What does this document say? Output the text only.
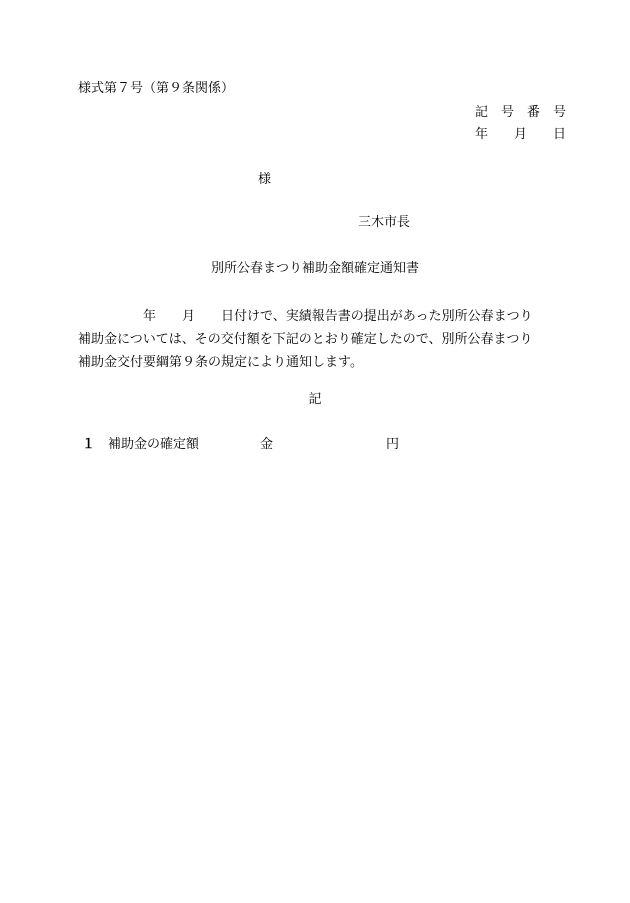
様式第７号（第９条関係）
記　号　番　号
年　　月　　日
様
三木市長
別所公春まつり補助金額確定通知書
　　　　　年　　月　　日付けで、実績報告書の提出があった別所公春まつり
補助金については、その交付額を下記のとおり確定したので、別所公春まつり
補助金交付要綱第９条の規定により通知します。
記
１ 補助金の確定額	金	円
